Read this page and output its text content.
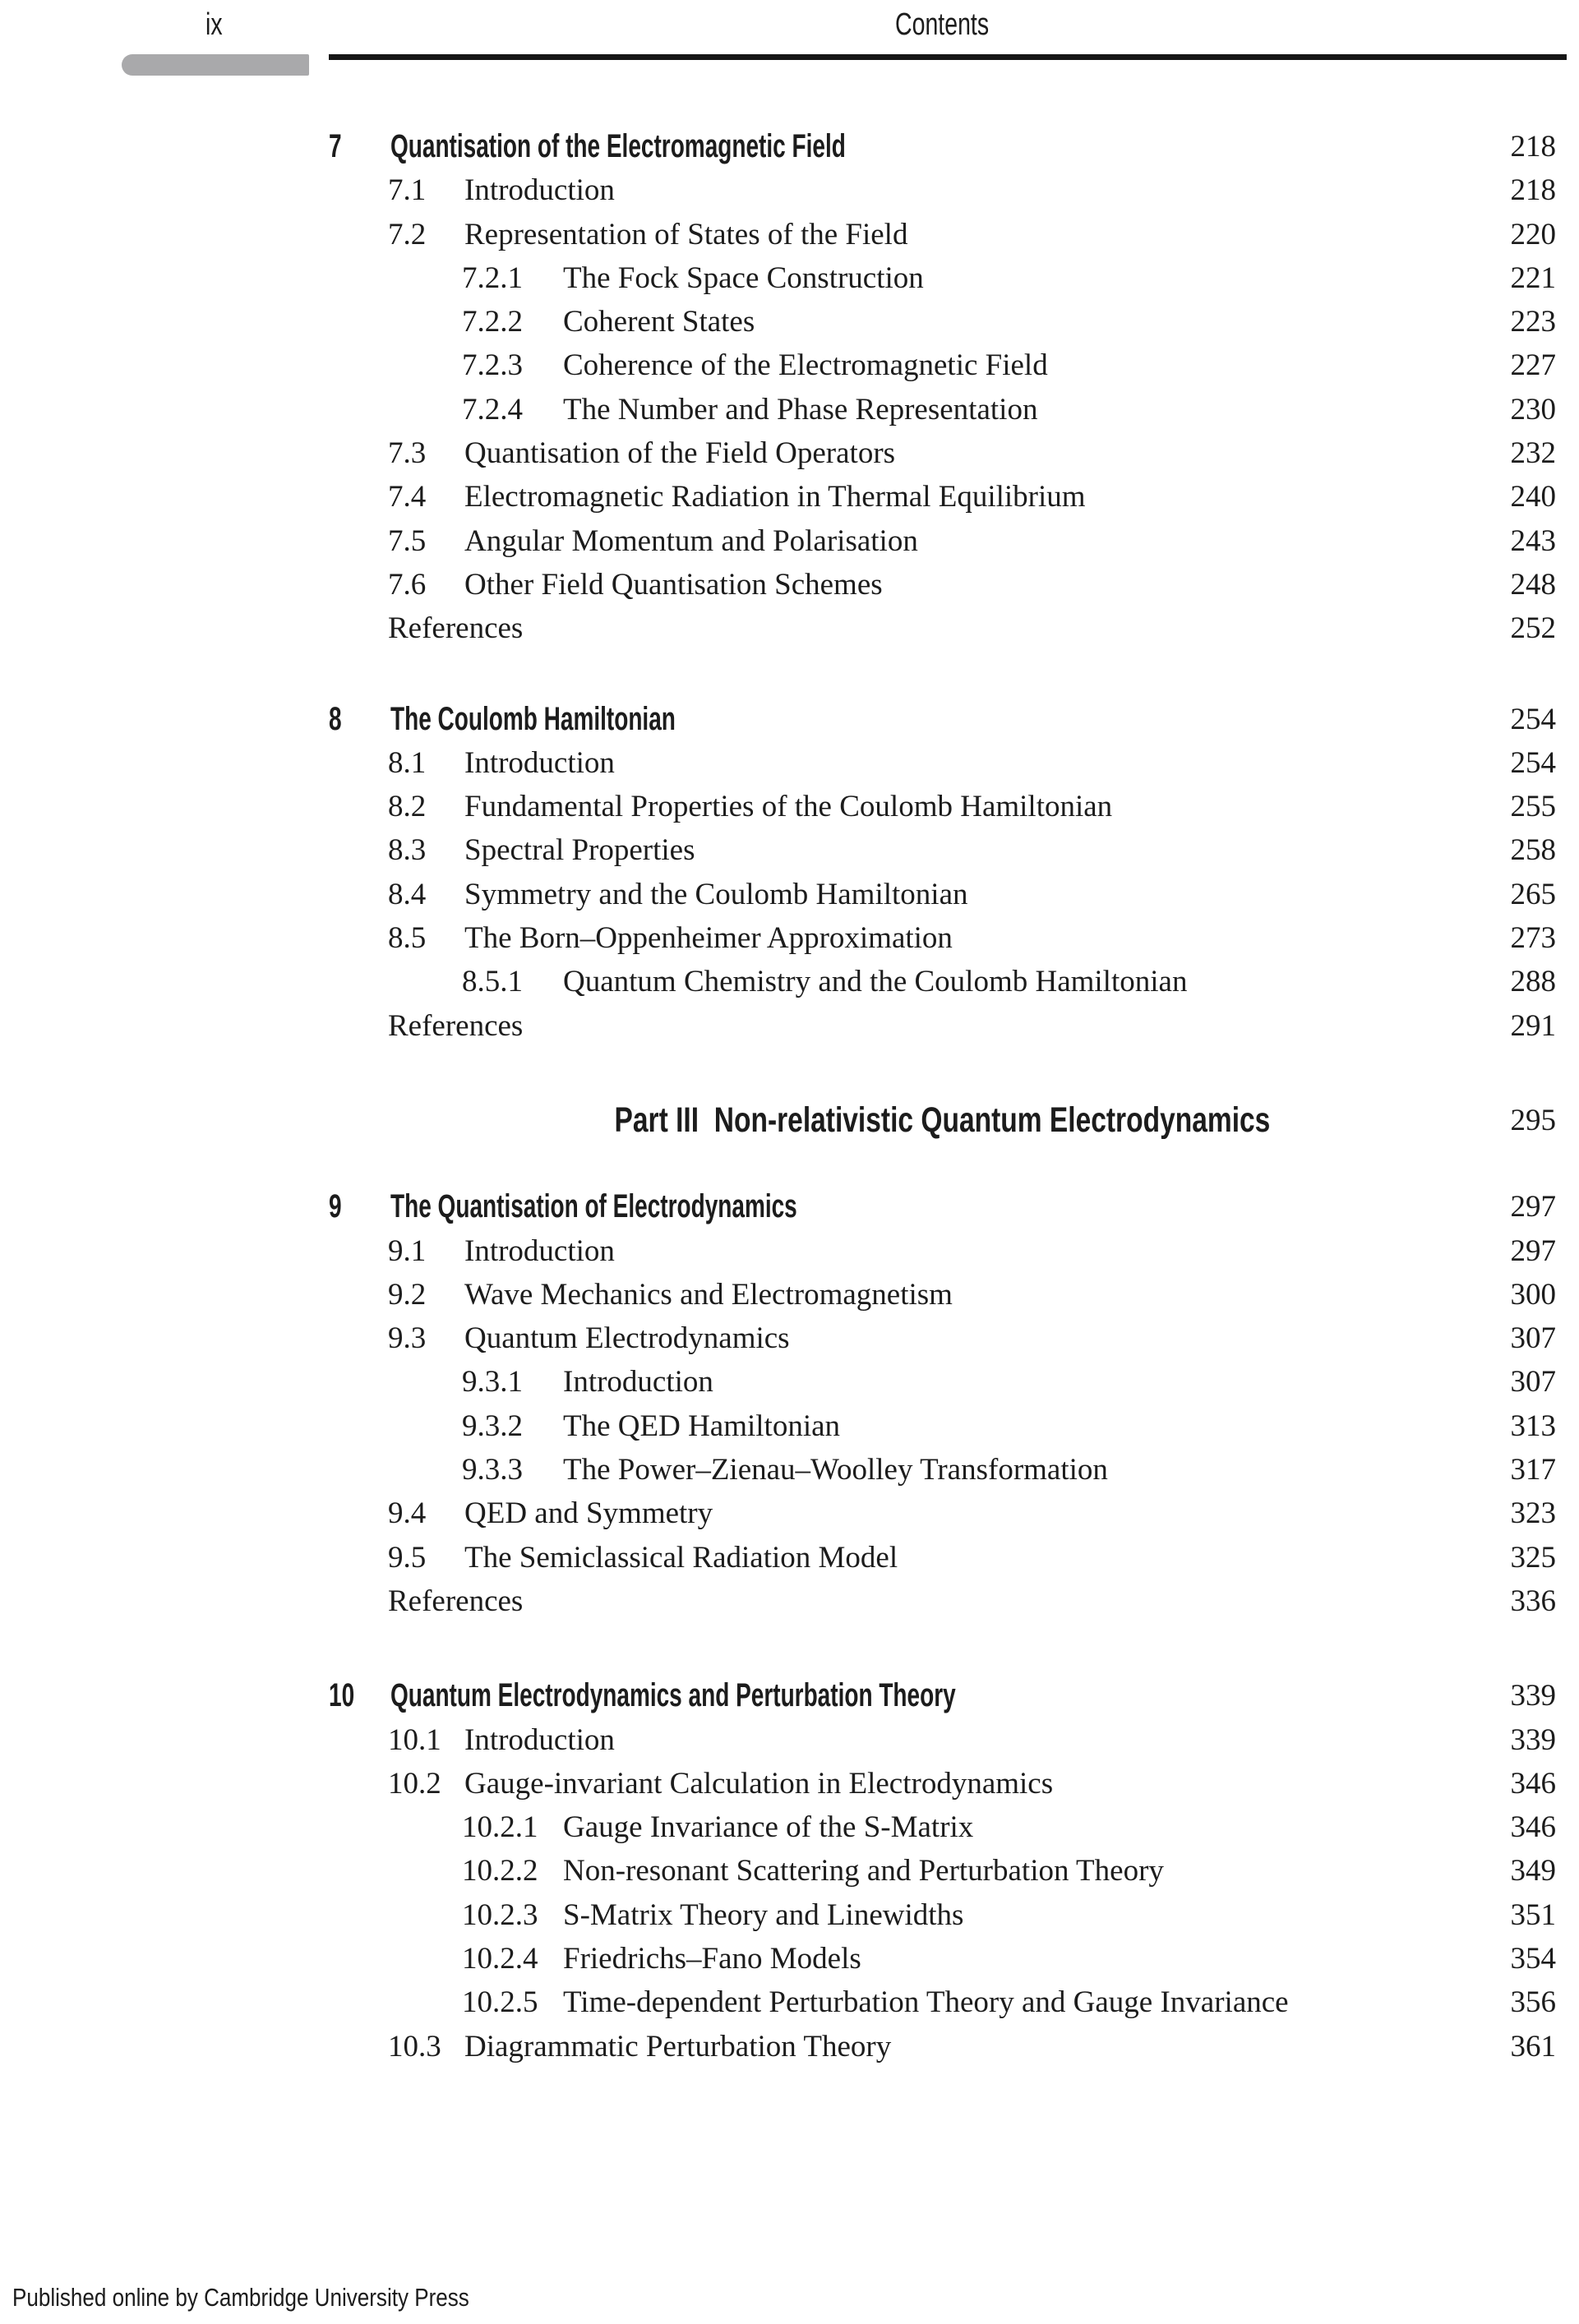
ix	Contents
7 Quantisation of the Electromagnetic Field	218
7.1 Introduction	218
7.2 Representation of States of the Field	220
7.2.1 The Fock Space Construction	221
7.2.2 Coherent States	223
7.2.3 Coherence of the Electromagnetic Field	227
7.2.4 The Number and Phase Representation	230
7.3 Quantisation of the Field Operators	232
7.4 Electromagnetic Radiation in Thermal Equilibrium	240
7.5 Angular Momentum and Polarisation	243
7.6 Other Field Quantisation Schemes	248
References	252
8 The Coulomb Hamiltonian	254
8.1 Introduction	254
8.2 Fundamental Properties of the Coulomb Hamiltonian	255
8.3 Spectral Properties	258
8.4 Symmetry and the Coulomb Hamiltonian	265
8.5 The Born–Oppenheimer Approximation	273
8.5.1 Quantum Chemistry and the Coulomb Hamiltonian	288
References	291
Part III Non-relativistic Quantum Electrodynamics	295
9 The Quantisation of Electrodynamics	297
9.1 Introduction	297
9.2 Wave Mechanics and Electromagnetism	300
9.3 Quantum Electrodynamics	307
9.3.1 Introduction	307
9.3.2 The QED Hamiltonian	313
9.3.3 The Power–Zienau–Woolley Transformation	317
9.4 QED and Symmetry	323
9.5 The Semiclassical Radiation Model	325
References	336
10 Quantum Electrodynamics and Perturbation Theory	339
10.1 Introduction	339
10.2 Gauge-invariant Calculation in Electrodynamics	346
10.2.1 Gauge Invariance of the S-Matrix	346
10.2.2 Non-resonant Scattering and Perturbation Theory	349
10.2.3 S-Matrix Theory and Linewidths	351
10.2.4 Friedrichs–Fano Models	354
10.2.5 Time-dependent Perturbation Theory and Gauge Invariance	356
10.3 Diagrammatic Perturbation Theory	361
Published online by Cambridge University Press
